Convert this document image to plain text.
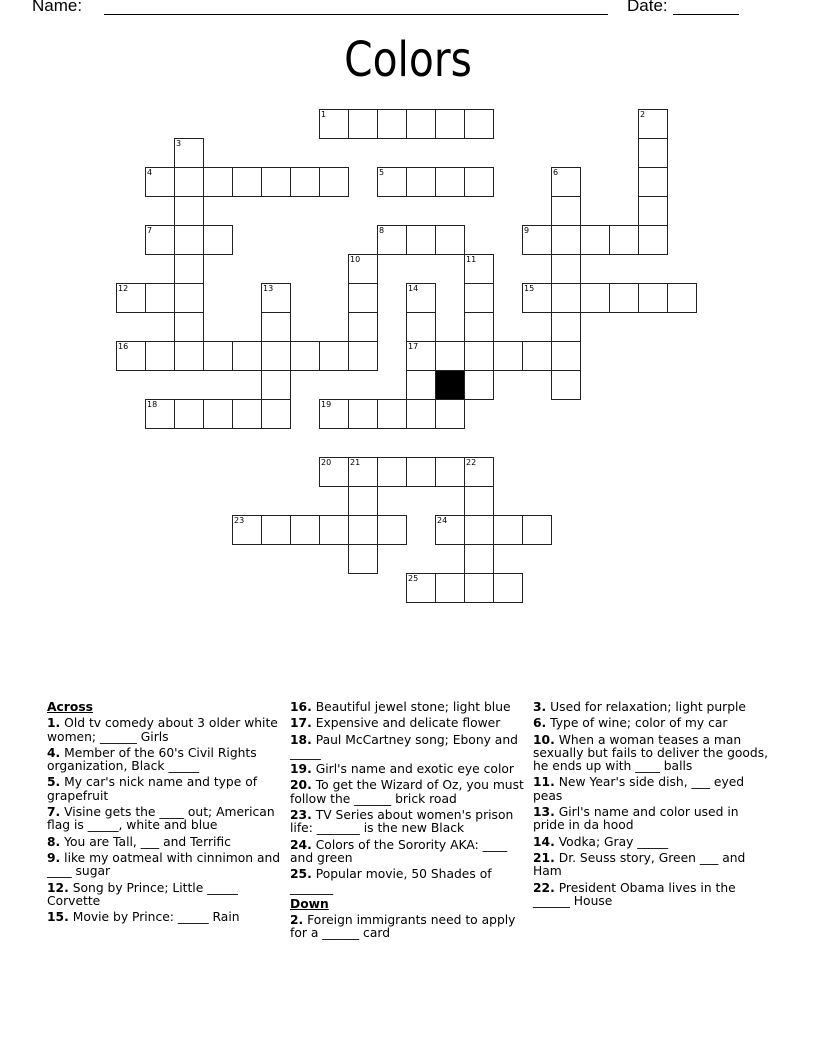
Name:	Date:
Colors
1	2
3
4	5	6
7	8	9
10	11
12	13	14
17
15
16
18	19
20 21	22
23	24
25
Across
1. Old tv comedy about 3 older white women; ______ Girls
4. Member of the 60's Civil Rights organization, Black _____
5. My car's nick name and type of grapefruit
7. Visine gets the ____ out; American flag is _____, white and blue
8. You are Tall, ___ and Terrific
9. like my oatmeal with cinnimon and ____ sugar
12. Song by Prince; Little _____ Corvette
15. Movie by Prince: _____ Rain
16. Beautiful jewel stone; light blue
17. Expensive and delicate flower
18. Paul McCartney song; Ebony and _____
19. Girl's name and exotic eye color
20. To get the Wizard of Oz, you must follow the ______ brick road
23. TV Series about women's prison life: _______ is the new Black
24. Colors of the Sorority AKA: ____ and green
25. Popular movie, 50 Shades of _______
Down
2. Foreign immigrants need to apply for a ______ card
3. Used for relaxation; light purple
6. Type of wine; color of my car
10. When a woman teases a man sexually but fails to deliver the goods, he ends up with ____ balls
11. New Year's side dish, ___ eyed peas
13. Girl's name and color used in pride in da hood
14. Vodka; Gray _____
21. Dr. Seuss story, Green ___ and Ham
22. President Obama lives in the ______ House
